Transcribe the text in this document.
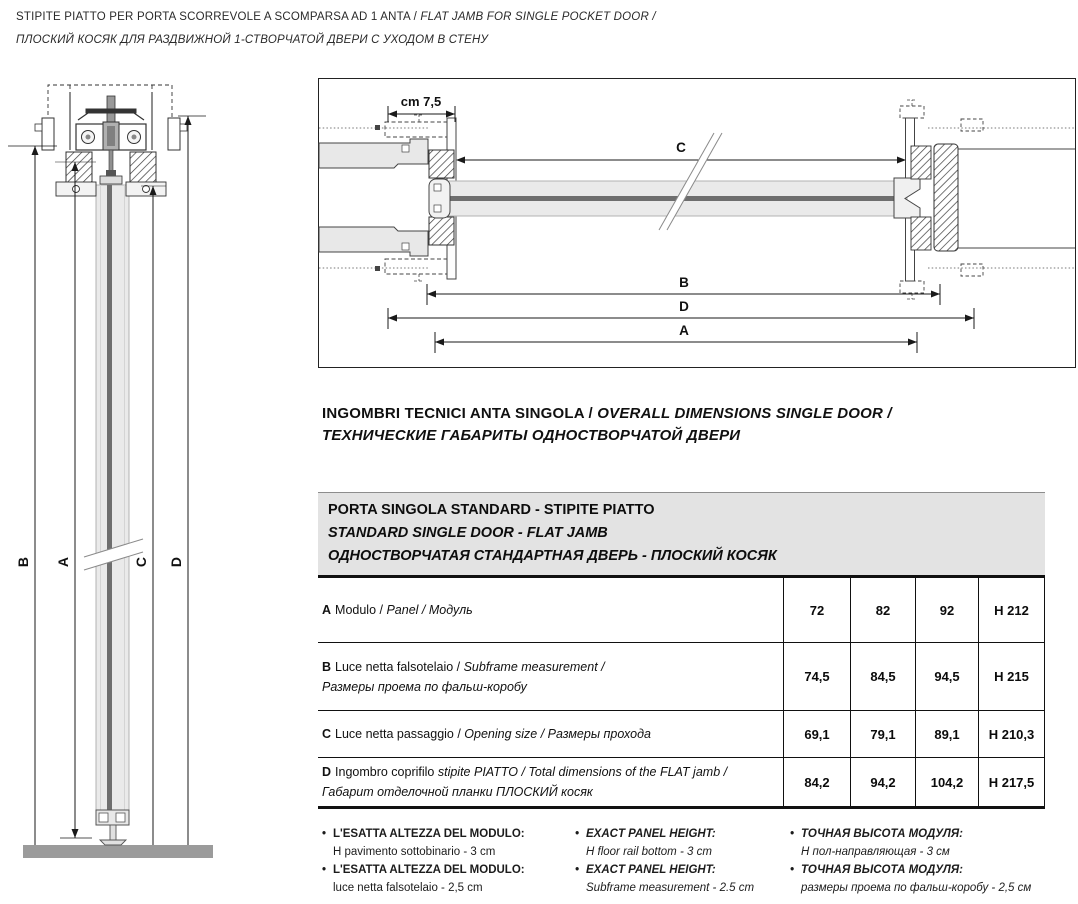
STIPITE PIATTO PER PORTA SCORREVOLE A SCOMPARSA AD 1 ANTA / FLAT JAMB FOR SINGLE POCKET DOOR /
ПЛОСКИЙ КОСЯК ДЛЯ РАЗДВИЖНОЙ 1-СТВОРЧАТОЙ ДВЕРИ С УХОДОМ В СТЕНУ
B A	C D
C
cm 7,5
B
D
A
INGOMBRI TECNICI ANTA SINGOLA / OVERALL DIMENSIONS SINGLE DOOR /
ТЕХНИЧЕСКИЕ ГАБАРИТЫ ОДНОСТВОРЧАТОЙ ДВЕРИ
PORTA SINGOLA STANDARD - STIPITE PIATTO
STANDARD SINGLE DOOR - FLAT JAMB
ОДНОСТВОРЧАТАЯ СТАНДАРТНАЯ ДВЕРЬ - ПЛОСКИЙ КОСЯК
A Modulo / Panel / Модуль	72	82	92	H 212
B Luce netta falsotelaio / Subframe measurement /
Размеры проема по фальш-коробу
74,5	84,5	94,5	H 215
C Luce netta passaggio / Opening size / Размеры прохода	69,1	79,1	89,1	H 210,3
D Ingombro coprifilo stipite PIATTO / Total dimensions of the FLAT jamb /
Габарит отделочной планки ПЛОСКИЙ косяк
84,2	94,2	104,2	H 217,5
• L'ESATTA ALTEZZA DEL MODULO:
H pavimento sottobinario - 3 cm
• L'ESATTA ALTEZZA DEL MODULO:
luce netta falsotelaio - 2,5 cm
• EXACT PANEL HEIGHT:
H floor rail bottom - 3 cm
• EXACT PANEL HEIGHT:
Subframe measurement - 2.5 cm
• ТОЧНАЯ ВЫСОТА МОДУЛЯ:
Н пол-направляющая - 3 см
• ТОЧНАЯ ВЫСОТА МОДУЛЯ:
размеры проема по фальш-коробу - 2,5 см
